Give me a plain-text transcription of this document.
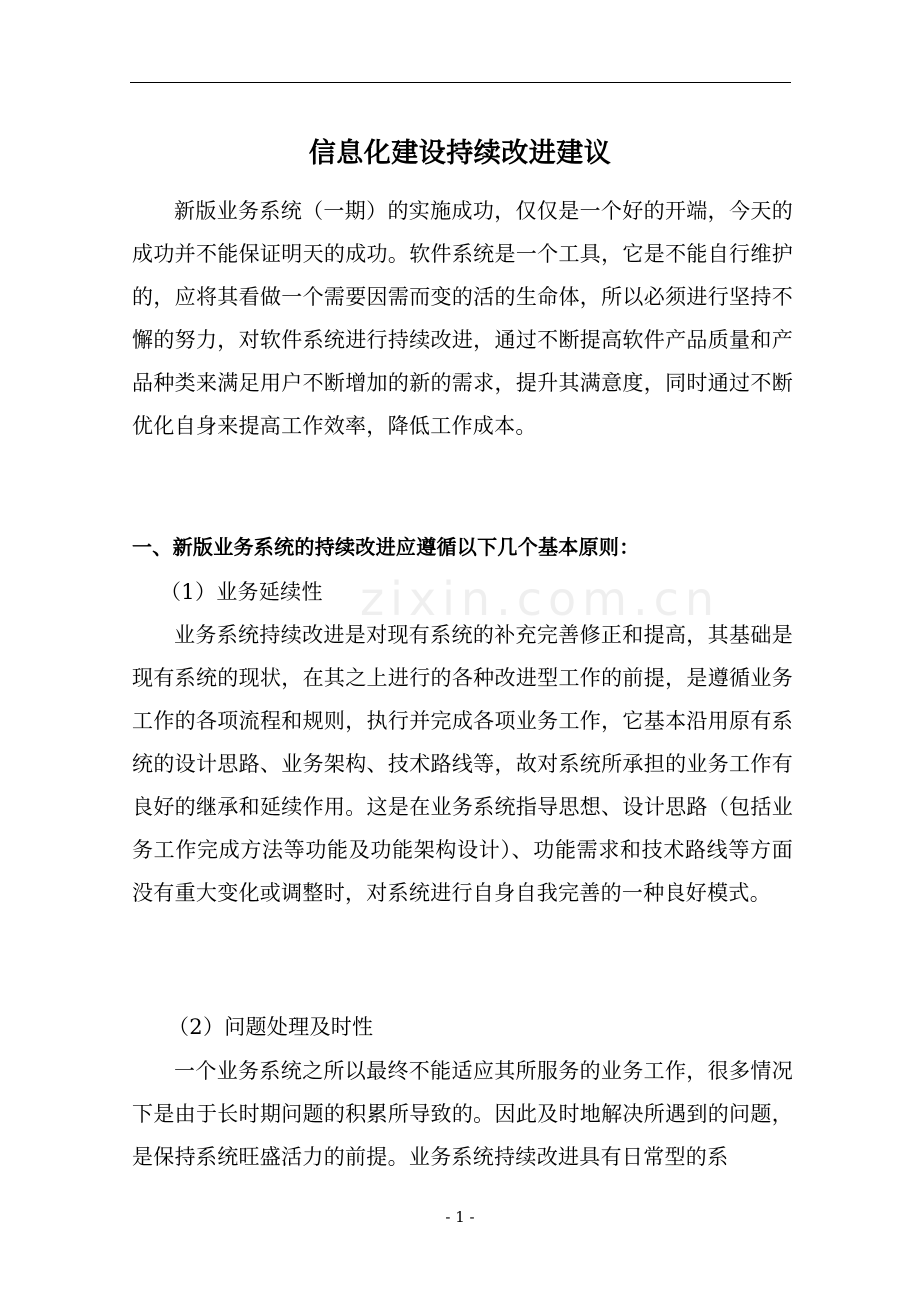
zixin.com.cn
信息化建设持续改进建议

新版业务系统（一期）的实施成功，仅仅是一个好的开端，今天的成功并不能保证明天的成功。软件系统是一个工具，它是不能自行维护的，应将其看做一个需要因需而变的活的生命体，所以必须进行坚持不懈的努力，对软件系统进行持续改进，通过不断提高软件产品质量和产品种类来满足用户不断增加的新的需求，提升其满意度，同时通过不断优化自身来提高工作效率，降低工作成本。

一、新版业务系统的持续改进应遵循以下几个基本原则：

（1）业务延续性

业务系统持续改进是对现有系统的补充完善修正和提高，其基础是现有系统的现状，在其之上进行的各种改进型工作的前提，是遵循业务工作的各项流程和规则，执行并完成各项业务工作，它基本沿用原有系统的设计思路、业务架构、技术路线等，故对系统所承担的业务工作有良好的继承和延续作用。这是在业务系统指导思想、设计思路（包括业务工作完成方法等功能及功能架构设计）、功能需求和技术路线等方面没有重大变化或调整时，对系统进行自身自我完善的一种良好模式。

（2）问题处理及时性

一个业务系统之所以最终不能适应其所服务的业务工作，很多情况下是由于长时期问题的积累所导致的。因此及时地解决所遇到的问题，是保持系统旺盛活力的前提。业务系统持续改进具有日常型的系

- 1 -
